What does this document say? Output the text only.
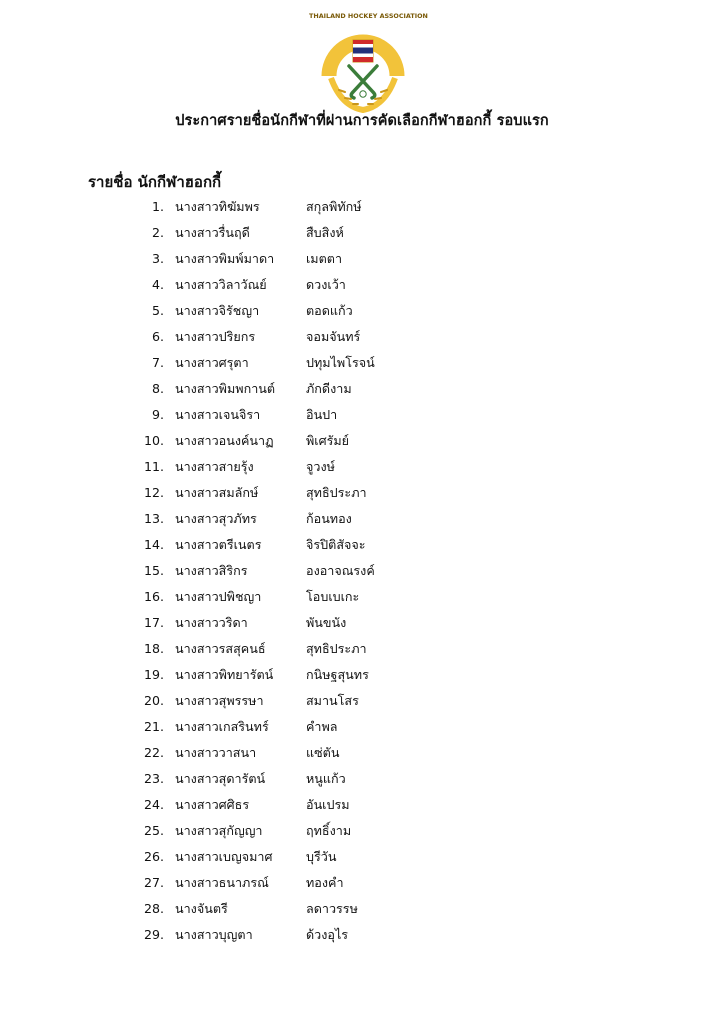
THAILAND HOCKEY ASSOCIATION
ประกาศรายชื่อนักกีฬาที่ผ่านการคัดเลือกกีฬาฮอกกี้ รอบแรก
รายชื่อ นักกีฬาฮอกกี้
1. นางสาวทิฆัมพร	สกุลพิทักษ์
2. นางสาวรื่นฤดี	สืบสิงห์
3. นางสาวพิมพ์มาดา	เมตตา
4. นางสาววิลาวัณย์	ดวงเว้า
5. นางสาวจิรัชญา	ตอดแก้ว
6. นางสาวปริยกร	จอมจันทร์
7. นางสาวศรุตา	ปทุมไพโรจน์
8. นางสาวพิมพกานต์ ภักดีงาม
9. นางสาวเจนจิรา	อินปา
10. นางสาวอนงค์นาฏ	พิเศรัมย์
11. นางสาวสายรุ้ง	จูวงษ์
12. นางสาวสมลักษ์	สุทธิประภา
13. นางสาวสุวภัทร	ก้อนทอง
14. นางสาวตรีเนตร	จิรปิติสัจจะ
15. นางสาวสิริกร	องอาจณรงค์
16. นางสาวปพิชญา	โอบเบเกะ
17. นางสาววริดา	พันขนัง
18. นางสาวรสสุคนธ์	สุทธิประภา
19. นางสาวพิทยารัตน์	กนิษฐสุนทร
20. นางสาวสุพรรษา	สมานโสร
21. นางสาวเกสรินทร์	คำพล
22. นางสาววาสนา	แซ่ตัน
23. นางสาวสุดารัตน์	หนูแก้ว
24. นางสาวศศิธร	อันเปรม
25. นางสาวสุกัญญา	ฤทธิ์งาม
26. นางสาวเบญจมาศ	บุรีวัน
27. นางสาวธนาภรณ์	ทองคำ
28. นางจันตรี	ลดาวรรษ
29. นางสาวบุญตา	ด้วงอุไร
